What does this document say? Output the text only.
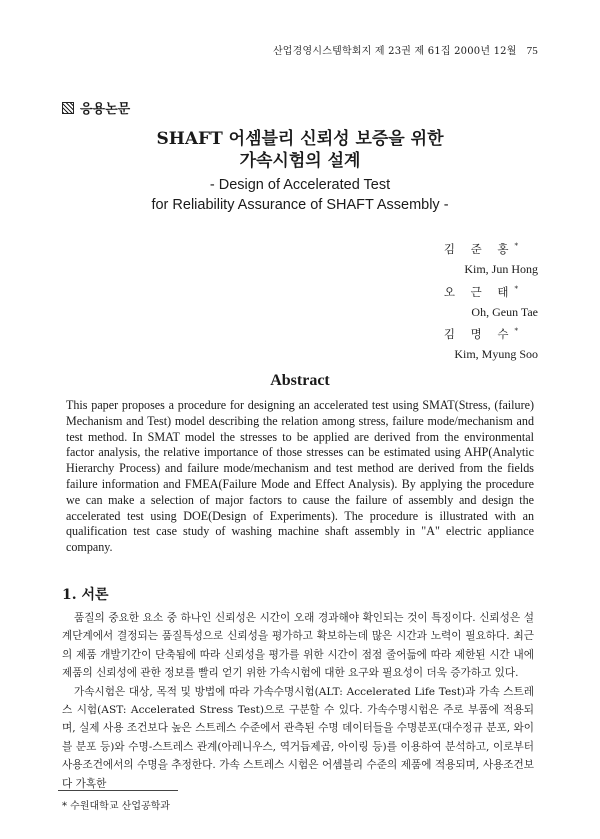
산업경영시스템학회지 제 23권 제 61집 2000년 12월 75
응용논문
SHAFT 어셈블리 신뢰성 보증을 위한
가속시험의 설계
- Design of Accelerated Test
for Reliability Assurance of SHAFT Assembly -
김 준 홍*
Kim, Jun Hong
오 근 태*
Oh, Geun Tae
김 명 수*
Kim, Myung Soo
Abstract
This paper proposes a procedure for designing an accelerated test using SMAT(Stress, (failure) Mechanism and Test) model describing the relation among stress, failure mode/mechanism and test method. In SMAT model the stresses to be applied are derived from the environmental factor analysis, the relative importance of those stresses can be estimated using AHP(Analytic Hierarchy Process) and failure mode/mechanism and test method are derived from the fields failure information and FMEA(Failure Mode and Effect Analysis). By applying the procedure we can make a selection of major factors to cause the failure of assembly and design the accelerated test using DOE(Design of Experiments). The procedure is illustrated with an qualification test case study of washing machine shaft assembly in "A" electric appliance company.
1. 서론

품질의 중요한 요소 중 하나인 신뢰성은 시간이 오래 경과해야 확인되는 것이 특징이다. 신뢰성은 설계단계에서 결정되는 품질특성으로 신뢰성을 평가하고 확보하는데 많은 시간과 노력이 필요하다. 최근의 제품 개발기간이 단축됨에 따라 신뢰성을 평가를 위한 시간이 점점 줄어듦에 따라 제한된 시간 내에 제품의 신뢰성에 관한 정보를 빨리 얻기 위한 가속시험에 대한 요구와 필요성이 더욱 증가하고 있다.

가속시험은 대상, 목적 및 방법에 따라 가속수명시험(ALT: Accelerated Life Test)과 가속 스트레스 시험(AST: Accelerated Stress Test)으로 구분할 수 있다. 가속수명시험은 주로 부품에 적용되며, 실제 사용 조건보다 높은 스트레스 수준에서 관측된 수명 데이터들을 수명분포(대수정규 분포, 와이블 분포 등)와 수명-스트레스 관계(아레니우스, 역거듭제곱, 아이링 등)를 이용하여 분석하고, 이로부터 사용조건에서의 수명을 추정한다. 가속 스트레스 시험은 어셈블리 수준의 제품에 적용되며, 사용조건보다 가혹한

* 수원대학교 산업공학과
